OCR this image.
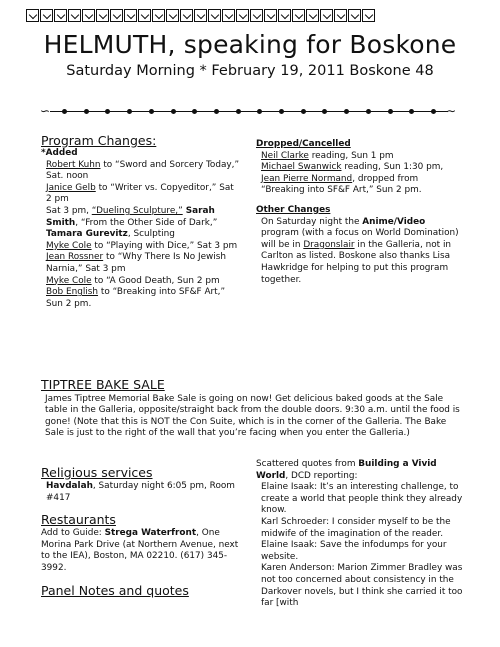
HELMUTH, speaking for Boskone
Saturday Morning * February 19, 2011 Boskone 48
∽	∼
Program Changes:

*Added

Robert Kuhn to “Sword and Sorcery Today,” Sat. noon

Janice Gelb to “Writer vs. Copyeditor,” Sat 2 pm

Sat 3 pm, “Dueling Sculpture,” Sarah Smith, “From the Other Side of Dark,” Tamara Gurevitz, Sculpting

Myke Cole to “Playing with Dice,” Sat 3 pm

Jean Rossner to “Why There Is No Jewish Narnia,” Sat 3 pm

Myke Cole to “A Good Death, Sun 2 pm

Bob English to “Breaking into SF&F Art,” Sun 2 pm.

Dropped/Cancelled

Neil Clarke reading, Sun 1 pm

Michael Swanwick reading, Sun 1:30 pm,

Jean Pierre Normand, dropped from “Breaking into SF&F Art,” Sun 2 pm.

Other Changes

On Saturday night the Anime/Video program (with a focus on World Domination) will be in Dragonslair in the Galleria, not in Carlton as listed. Boskone also thanks Lisa Hawkridge for helping to put this program together.

TIPTREE BAKE SALE

James Tiptree Memorial Bake Sale is going on now! Get delicious baked goods at the Sale table in the Galleria, opposite/straight back from the double doors. 9:30 a.m. until the food is gone! (Note that this is NOT the Con Suite, which is in the corner of the Galleria. The Bake Sale is just to the right of the wall that you’re facing when you enter the Galleria.)

Religious services

Havdalah, Saturday night 6:05 pm, Room #417

Restaurants

Add to Guide: Strega Waterfront, One Morina Park Drive (at Northern Avenue, next to the IEA), Boston, MA 02210. (617) 345-3992.

Panel Notes and quotes

Scattered quotes from Building a Vivid World, DCD reporting:

Elaine Isaak: It’s an interesting challenge, to create a world that people think they already know.

Karl Schroeder: I consider myself to be the midwife of the imagination of the reader.

Elaine Isaak: Save the infodumps for your website.

Karen Anderson: Marion Zimmer Bradley was not too concerned about consistency in the Darkover novels, but I think she carried it too far [with
